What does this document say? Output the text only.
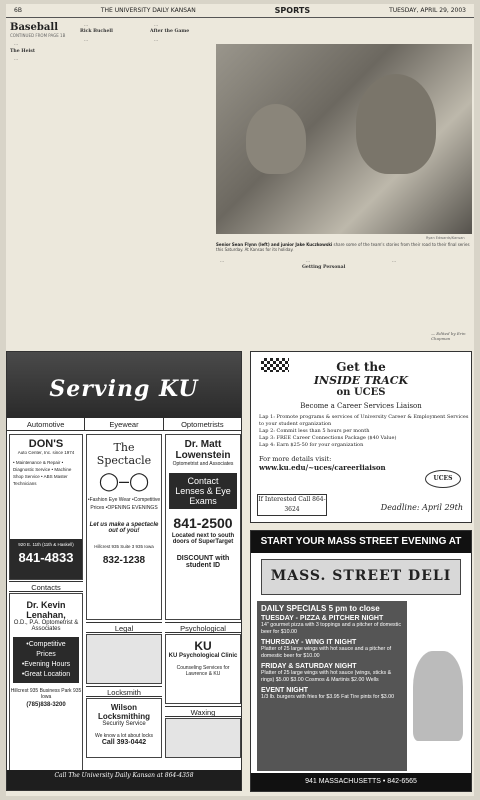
6B	THE UNIVERSITY DAILY KANSAN	SPORTS	TUESDAY, APRIL 29, 2003
Baseball
CONTINUED FROM PAGE 1B

...

The Heist

...

...

Rick Buchell

...

...

After the Game

...

Ryan Edwards/Kansan
Senior Sean Flynn (left) and junior Jake Kuczkowski share some of the team's stories from their road to their final series this Saturday. At Kansas for its holiday.

...	...

Getting Personal

...

— Edited by Erin Chapman
Serving KU
Automotive	Eyewear	Optometrists
DON'S
Auto Center, Inc. since 1974
• Maintenance & Repair • Diagnostic Service • Machine Shop Service • ABS Master Technicians
920 E. 11th (11th & Haskell)
841-4833
The Spectacle
◯–◯
•Fashion Eye Wear •Competitive Prices •OPENING EVENINGS
Let us make a spectacle out of you!
Hillcrest 935 Suite 3 935 Iowa
832-1238
Dr. Matt Lowenstein
Optometrist and Associates
Contact Lenses & Eye Exams
841-2500
Located next to south doors of SuperTarget
DISCOUNT with student ID
Contacts
Dr. Kevin Lenahan,
O.D., P.A. Optometrist & Associates
•Competitive Prices
•Evening Hours
•Great Location
Hillcrest 935 Business Park 935 Iowa
(785)838-3200
Legal	Psychological
KU
KU Psychological Clinic
Counseling Services for Lawrence & KU
Locksmith
Wilson Locksmithing
Security Service
We know a lot about locks
Call 393-0442
Waxing
Call The University Daily Kansan at 864-4358
Get the
INSIDE TRACK
on UCES
Become a Career Services Liaison
Lap 1: Promote programs & services of University Career & Employment Services to your student organization
Lap 2: Commit less than 5 hours per month
Lap 3: FREE Career Connections Package ($40 Value)
Lap 4: Earn $25-50 for your organization
For more details visit:
www.ku.edu/~uces/careerliaison
UCES
If Interested Call 864-3624	Deadline: April 29th
START YOUR MASS STREET EVENING AT
MASS. STREET DELI
DAILY SPECIALS 5 pm to close
TUESDAY - PIZZA & PITCHER NIGHT
14" gourmet pizza with 3 toppings and a pitcher of domestic beer for $10.00
THURSDAY - WING IT NIGHT
Platter of 25 large wings with hot sauce and a pitcher of domestic beer for $10.00
FRIDAY & SATURDAY NIGHT
Platter of 25 large wings with hot sauce (wings, sticks & rings) $5.00 $3.00 Cosmos & Martinis $2.00 Wells
EVENT NIGHT
1/3 lb. burgers with fries for $3.95 Fat Tire pints for $3.00
941 MASSACHUSETTS • 842-6565
